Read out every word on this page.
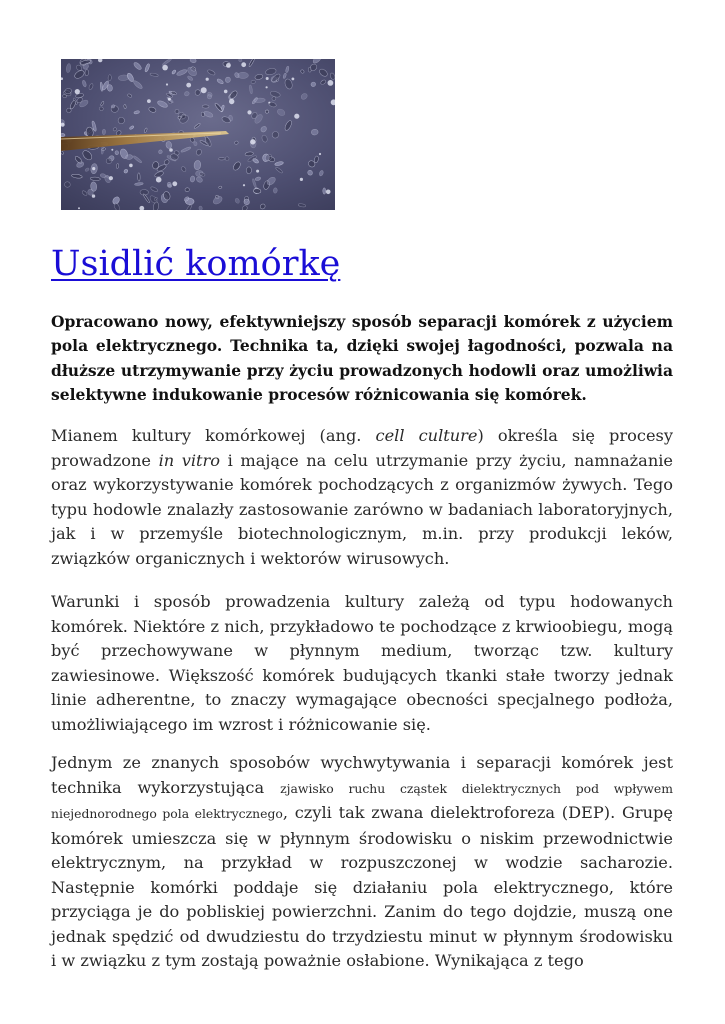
Usidlić komórkę

Opracowano nowy, efektywniejszy sposób separacji komórek z użyciem pola elektrycznego. Technika ta, dzięki swojej łagodności, pozwala na dłuższe utrzymywanie przy życiu prowadzonych hodowli oraz umożliwia selektywne indukowanie procesów różnicowania się komórek.

Mianem kultury komórkowej (ang. cell culture) określa się procesy prowadzone in vitro i mające na celu utrzymanie przy życiu, namnażanie oraz wykorzystywanie komórek pochodzących z organizmów żywych. Tego typu hodowle znalazły zastosowanie zarówno w badaniach laboratoryjnych, jak i w przemyśle biotechnologicznym, m.in. przy produkcji leków, związków organicznych i wektorów wirusowych.

Warunki i sposób prowadzenia kultury zależą od typu hodowanych komórek. Niektóre z nich, przykładowo te pochodzące z krwioobiegu, mogą być przechowywane w płynnym medium, tworząc tzw. kultury zawiesinowe. Większość komórek budujących tkanki stałe tworzy jednak linie adherentne, to znaczy wymagające obecności specjalnego podłoża, umożliwiającego im wzrost i różnicowanie się.

Jednym ze znanych sposobów wychwytywania i separacji komórek jest technika wykorzystująca zjawisko ruchu cząstek dielektrycznych pod wpływem niejednorodnego pola elektrycznego, czyli tak zwana dielektroforeza (DEP). Grupę komórek umieszcza się w płynnym środowisku o niskim przewodnictwie elektrycznym, na przykład w rozpuszczonej w wodzie sacharozie. Następnie komórki poddaje się działaniu pola elektrycznego, które przyciąga je do pobliskiej powierzchni. Zanim do tego dojdzie, muszą one jednak spędzić od dwudziestu do trzydziestu minut w płynnym środowisku i w związku z tym zostają poważnie osłabione. Wynikająca z tego
